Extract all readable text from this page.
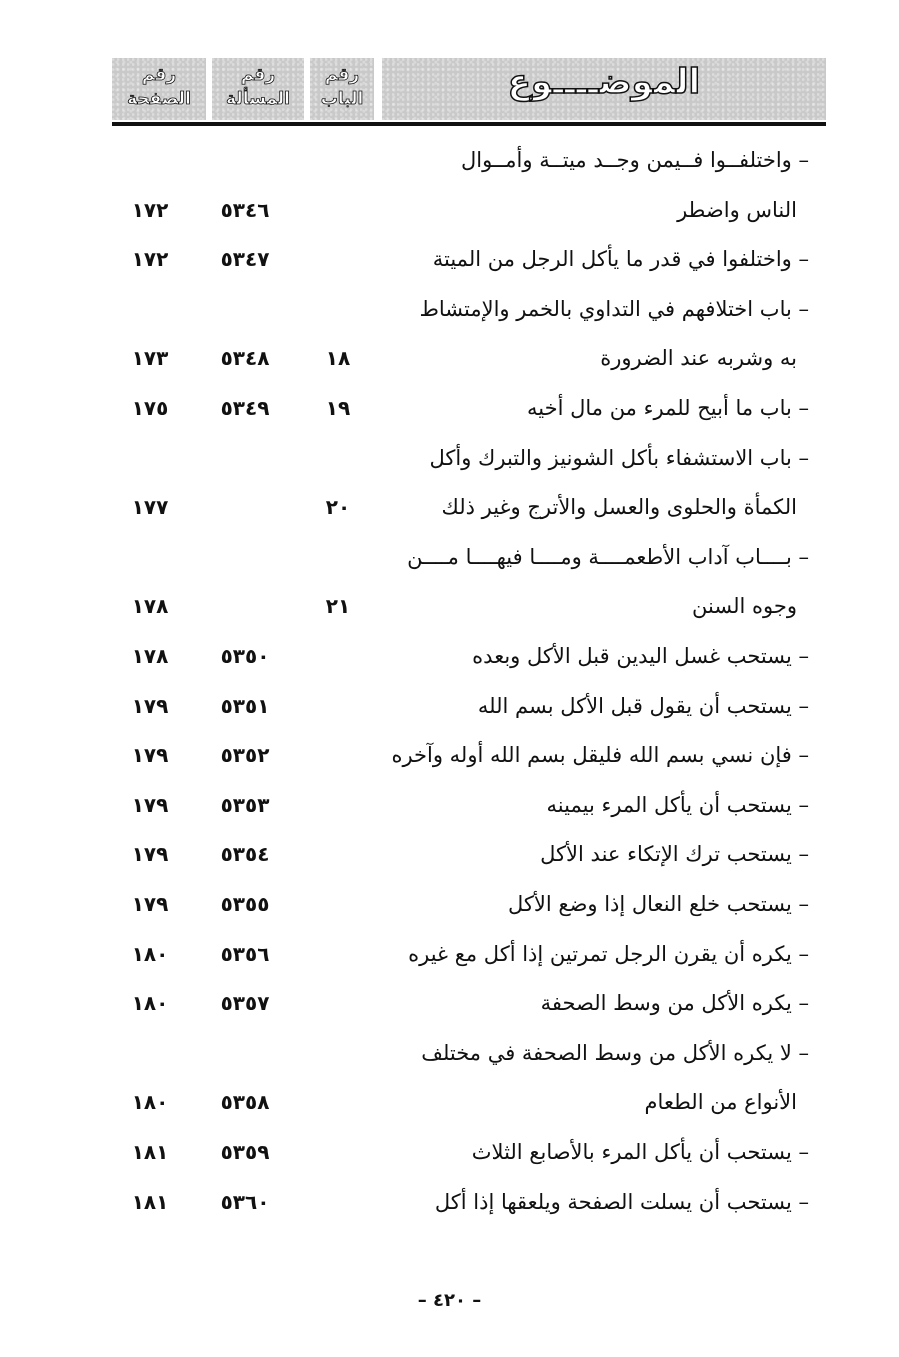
الموضــــوع
رقم
الباب
رقم
المسألة
رقم
الصفحة
– واختلفــوا فــيمن وجــد ميتــة وأمــوال
الناس واضطر
٥٣٤٦
١٧٢
– واختلفوا في قدر ما يأكل الرجل من الميتة
٥٣٤٧
١٧٢
– باب اختلافهم في التداوي بالخمر والإمتشاط
به وشربه عند الضرورة
١٨
٥٣٤٨
١٧٣
– باب ما أبيح للمرء من مال أخيه
١٩
٥٣٤٩
١٧٥
– باب الاستشفاء بأكل الشونيز والتبرك وأكل
الكمأة والحلوى والعسل والأترج وغير ذلك
٢٠
١٧٧
– بــــاب آداب الأطعمــــة ومــــا فيهــــا مــــن
وجوه السنن
٢١
١٧٨
– يستحب غسل اليدين قبل الأكل وبعده
٥٣٥٠
١٧٨
– يستحب أن يقول قبل الأكل بسم الله
٥٣٥١
١٧٩
– فإن نسي بسم الله فليقل بسم الله أوله وآخره
٥٣٥٢
١٧٩
– يستحب أن يأكل المرء بيمينه
٥٣٥٣
١٧٩
– يستحب ترك الإتكاء عند الأكل
٥٣٥٤
١٧٩
– يستحب خلع النعال إذا وضع الأكل
٥٣٥٥
١٧٩
– يكره أن يقرن الرجل تمرتين إذا أكل مع غيره
٥٣٥٦
١٨٠
– يكره الأكل من وسط الصحفة
٥٣٥٧
١٨٠
– لا يكره الأكل من وسط الصحفة في مختلف
الأنواع من الطعام
٥٣٥٨
١٨٠
– يستحب أن يأكل المرء بالأصابع الثلاث
٥٣٥٩
١٨١
– يستحب أن يسلت الصفحة ويلعقها إذا أكل
٥٣٦٠
١٨١
– ٤٢٠ –
